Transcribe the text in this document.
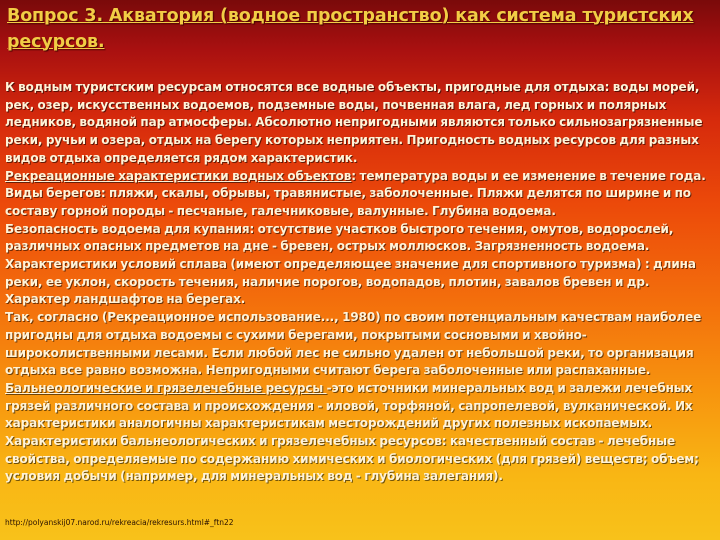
Вопрос 3. Акватория (водное пространство) как система туристских ресурсов.
К водным туристским ресурсам относятся все водные объекты, пригодные для отдыха: воды морей, рек, озер, искусственных водоемов, подземные воды, почвенная влага, лед горных и полярных ледников, водяной пар атмосферы. Абсолютно непригодными являются только сильнозагрязненные реки, ручьи и озера, отдых на берегу которых неприятен. Пригодность водных ресурсов для разных видов отдыха определяется рядом характеристик.
Рекреационные характеристики водных объектов: температура воды и ее изменение в течение года. Виды берегов: пляжи, скалы, обрывы, травянистые, заболоченные. Пляжи делятся по ширине и по составу горной породы - песчаные, галечниковые, валунные. Глубина водоема.
Безопасность водоема для купания: отсутствие участков быстрого течения, омутов, водорослей, различных опасных предметов на дне - бревен, острых моллюсков. Загрязненность водоема.
Характеристики условий сплава (имеют определяющее значение для спортивного туризма) : длина реки, ее уклон, скорость течения, наличие порогов, водопадов, плотин, завалов бревен и др. Характер ландшафтов на берегах.
Так, согласно (Рекреационное использование..., 1980) по своим потенциальным качествам наиболее пригодны для отдыха водоемы с сухими берегами, покрытыми сосновыми и хвойно-широколиственными лесами. Если любой лес не сильно удален от небольшой реки, то организация отдыха все равно возможна. Непригодными считают берега заболоченные или распаханные.
Бальнеологические и грязелечебные ресурсы -это источники минеральных вод и залежи лечебных грязей различного состава и происхождения - иловой, торфяной, сапропелевой, вулканической. Их характеристики аналогичны характеристикам месторождений других полезных ископаемых.
Характеристики бальнеологических и грязелечебных ресурсов: качественный состав - лечебные свойства, определяемые по содержанию химических и биологических (для грязей) веществ; объем; условия добычи (например, для минеральных вод - глубина залегания).
http://polyanskij07.narod.ru/rekreacia/rekresurs.html#_ftn22
